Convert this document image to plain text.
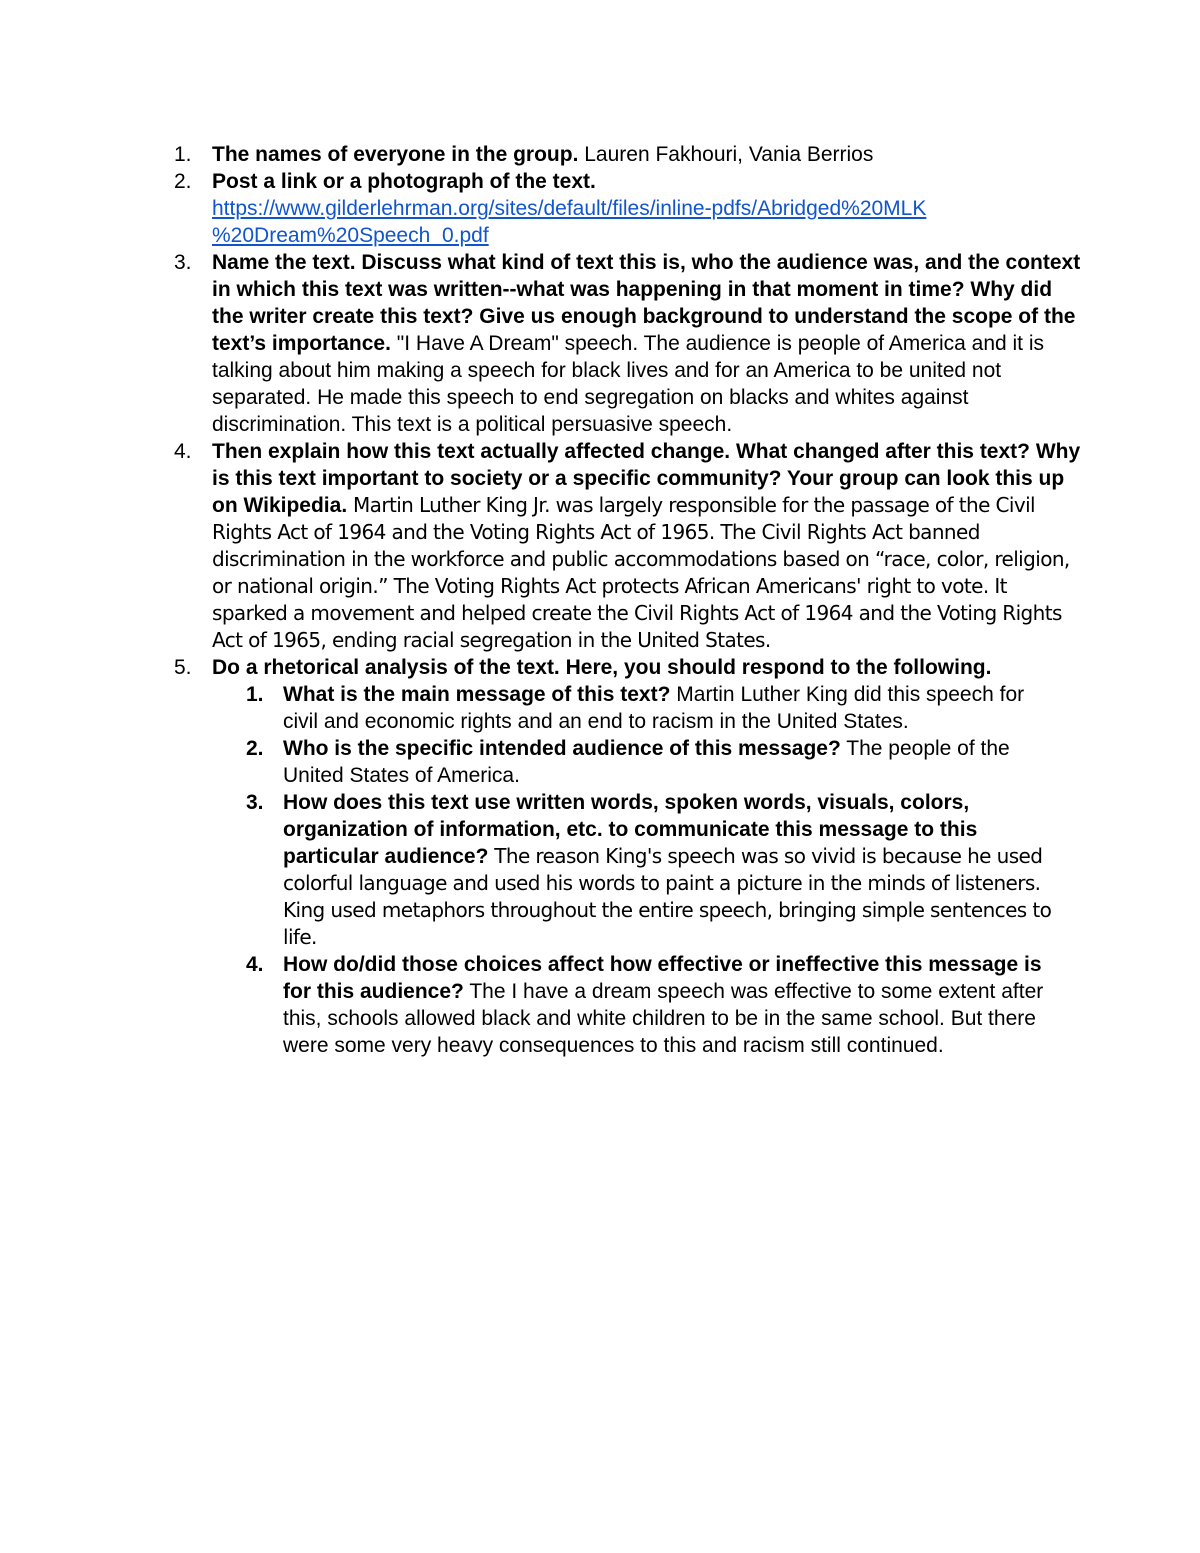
1. The names of everyone in the group. Lauren Fakhouri, Vania Berrios
2. Post a link or a photograph of the text.
https://www.gilderlehrman.org/sites/default/files/inline-pdfs/Abridged%20MLK
%20Dream%20Speech_0.pdf
3. Name the text. Discuss what kind of text this is, who the audience was, and the context in which this text was written--what was happening in that moment in time? Why did the writer create this text? Give us enough background to understand the scope of the text’s importance. "I Have A Dream" speech. The audience is people of America and it is talking about him making a speech for black lives and for an America to be united not separated. He made this speech to end segregation on blacks and whites against discrimination. This text is a political persuasive speech.
4. Then explain how this text actually affected change. What changed after this text? Why is this text important to society or a specific community? Your group can look this up on Wikipedia. Martin Luther King Jr. was largely responsible for the passage of the Civil Rights Act of 1964 and the Voting Rights Act of 1965. The Civil Rights Act banned discrimination in the workforce and public accommodations based on “race, color, religion, or national origin.” The Voting Rights Act protects African Americans' right to vote. It sparked a movement and helped create the Civil Rights Act of 1964 and the Voting Rights Act of 1965, ending racial segregation in the United States.
5. Do a rhetorical analysis of the text. Here, you should respond to the following.
1. What is the main message of this text? Martin Luther King did this speech for civil and economic rights and an end to racism in the United States.
2. Who is the specific intended audience of this message? The people of the United States of America.
3. How does this text use written words, spoken words, visuals, colors, organization of information, etc. to communicate this message to this particular audience? The reason King's speech was so vivid is because he used colorful language and used his words to paint a picture in the minds of listeners. King used metaphors throughout the entire speech, bringing simple sentences to life.
4. How do/did those choices affect how effective or ineffective this message is for this audience? The I have a dream speech was effective to some extent after this, schools allowed black and white children to be in the same school. But there were some very heavy consequences to this and racism still continued.
